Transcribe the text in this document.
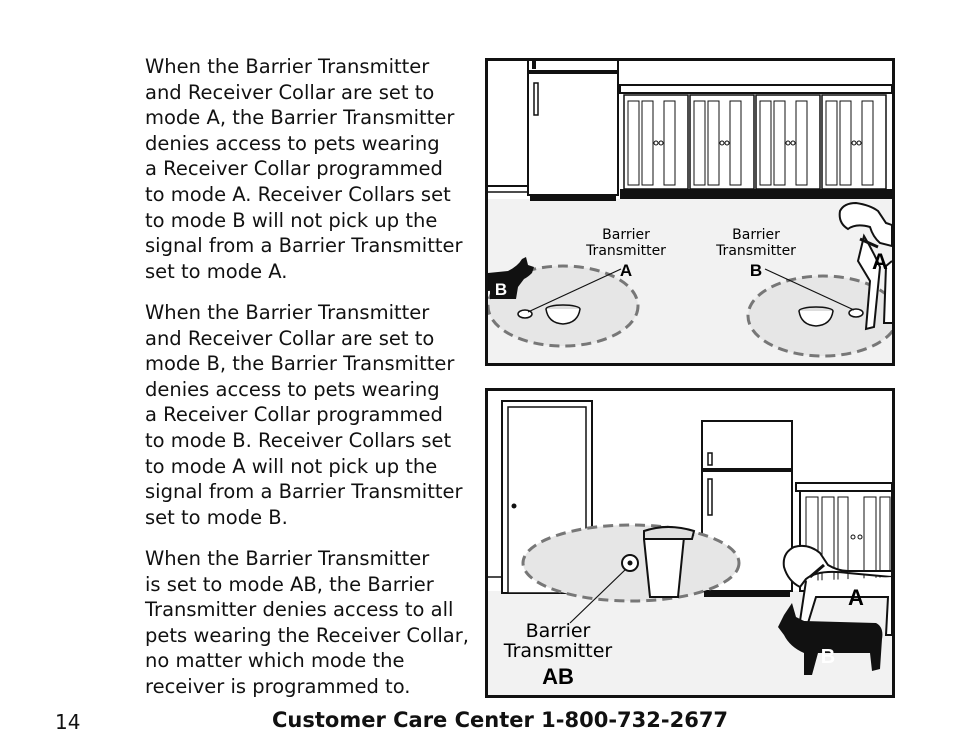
When the Barrier Transmitter
and Receiver Collar are set to
mode A, the Barrier Transmitter
denies access to pets wearing
a Receiver Collar programmed
to mode A. Receiver Collars set
to mode B will not pick up the
signal from a Barrier Transmitter
set to mode A.

When the Barrier Transmitter
and Receiver Collar are set to
mode B, the Barrier Transmitter
denies access to pets wearing
a Receiver Collar programmed
to mode B. Receiver Collars set
to mode A will not pick up the
signal from a Barrier Transmitter
set to mode B.

When the Barrier Transmitter
is set to mode AB, the Barrier
Transmitter denies access to all
pets wearing the Receiver Collar,
no matter which mode the
receiver is programmed to.

Barrier
Transmitter
A
Barrier
Transmitter
B
B
A
Barrier
Transmitter
AB
A
B
14	Customer Care Center 1-800-732-2677
